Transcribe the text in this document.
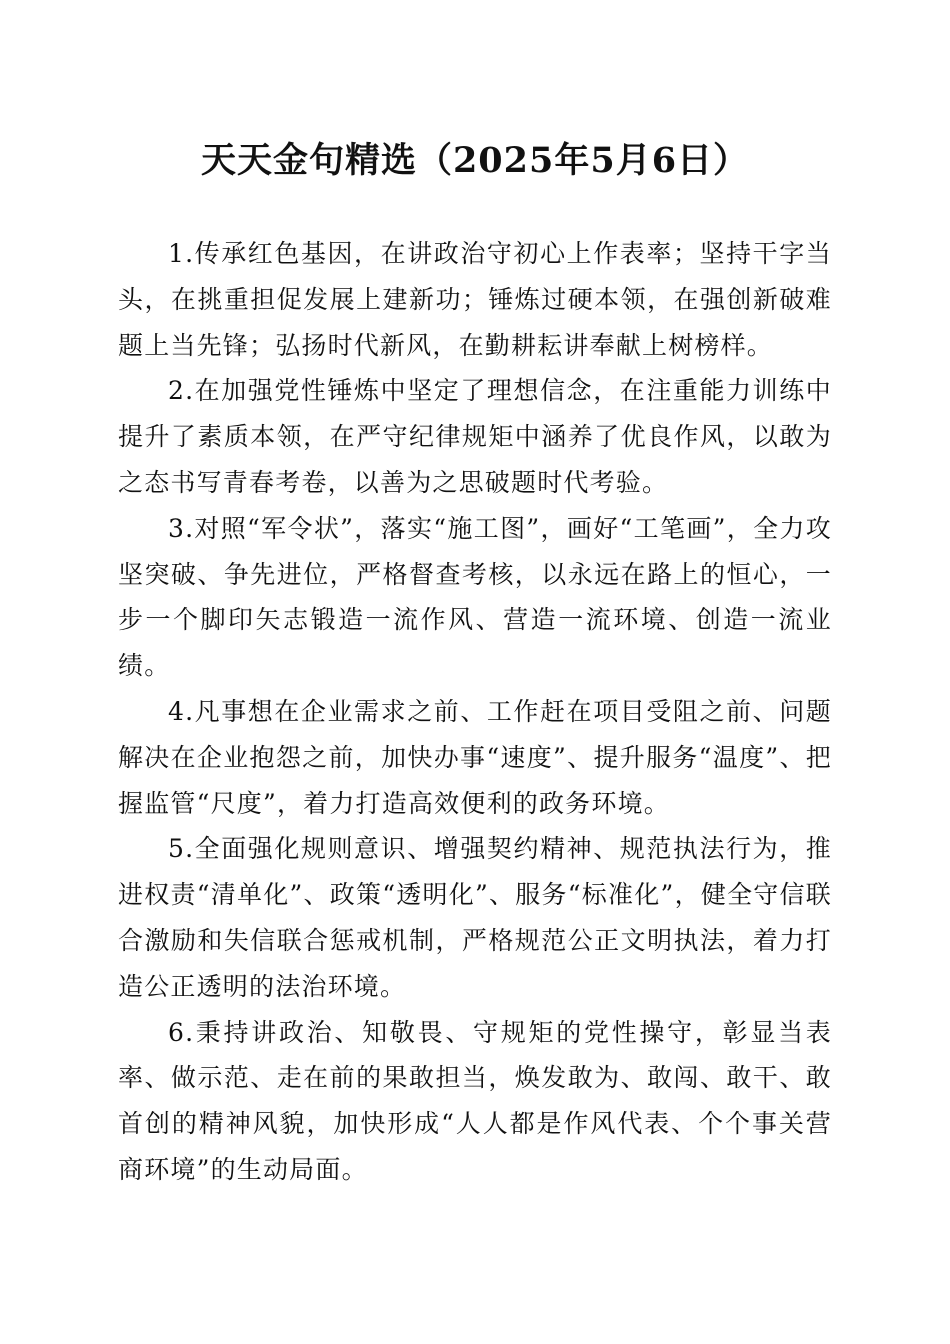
天天金句精选（2025年5月6日）

1.传承红色基因，在讲政治守初心上作表率；坚持干字当头，在挑重担促发展上建新功；锤炼过硬本领，在强创新破难题上当先锋；弘扬时代新风，在勤耕耘讲奉献上树榜样。

2.在加强党性锤炼中坚定了理想信念，在注重能力训练中提升了素质本领，在严守纪律规矩中涵养了优良作风，以敢为之态书写青春考卷，以善为之思破题时代考验。

3.对照“军令状”，落实“施工图”，画好“工笔画”，全力攻坚突破、争先进位，严格督查考核，以永远在路上的恒心，一步一个脚印矢志锻造一流作风、营造一流环境、创造一流业绩。

4.凡事想在企业需求之前、工作赶在项目受阻之前、问题解决在企业抱怨之前，加快办事“速度”、提升服务“温度”、把握监管“尺度”，着力打造高效便利的政务环境。

5.全面强化规则意识、增强契约精神、规范执法行为，推进权责“清单化”、政策“透明化”、服务“标准化”，健全守信联合激励和失信联合惩戒机制，严格规范公正文明执法，着力打造公正透明的法治环境。

6.秉持讲政治、知敬畏、守规矩的党性操守，彰显当表率、做示范、走在前的果敢担当，焕发敢为、敢闯、敢干、敢首创的精神风貌，加快形成“人人都是作风代表、个个事关营商环境”的生动局面。
